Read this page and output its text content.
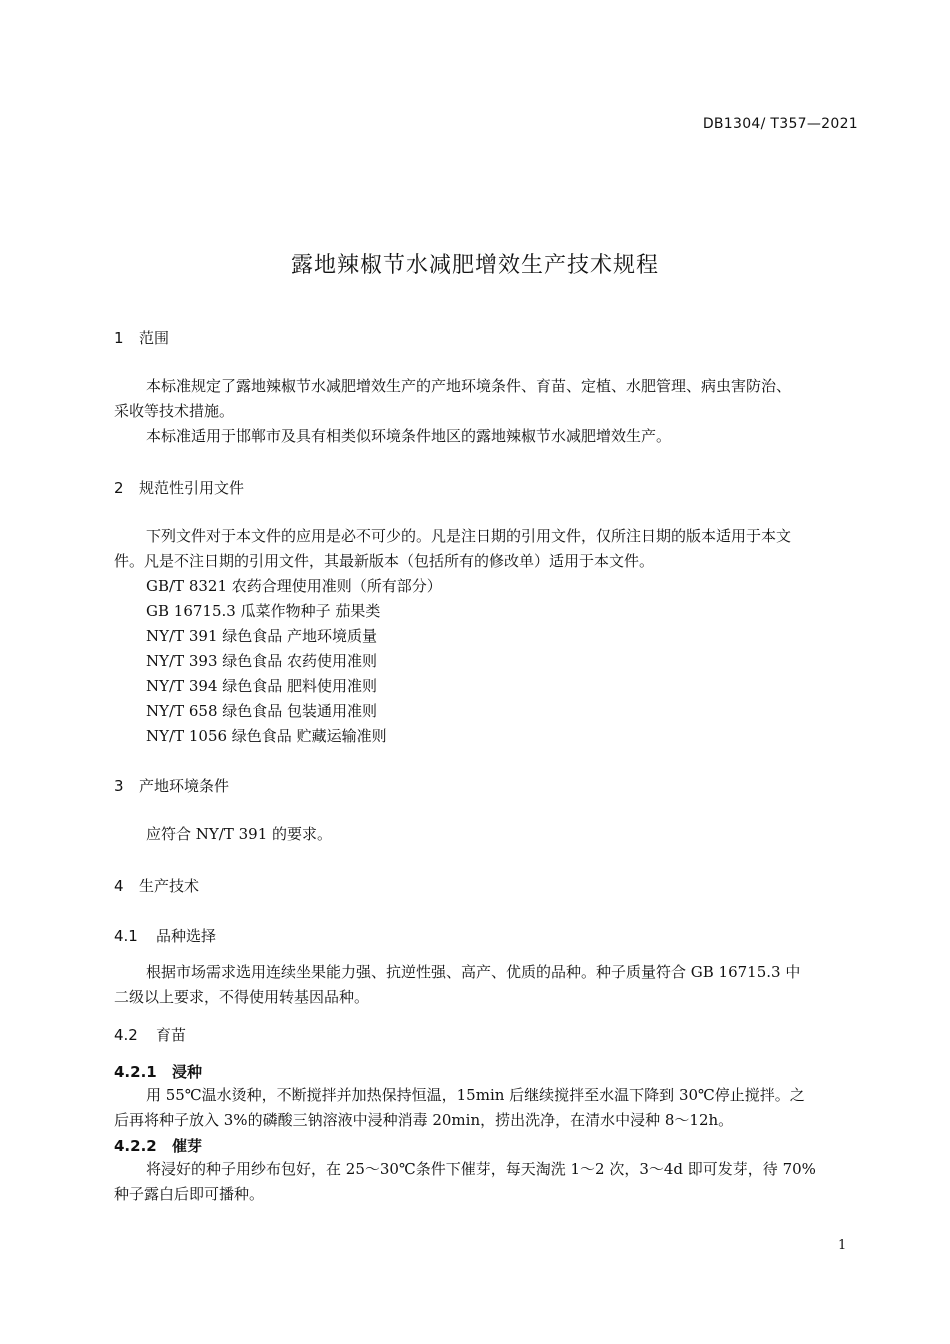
DB1304/ T357—2021
露地辣椒节水减肥增效生产技术规程
1 范围
本标准规定了露地辣椒节水减肥增效生产的产地环境条件、育苗、定植、水肥管理、病虫害防治、
采收等技术措施。
本标准适用于邯郸市及具有相类似环境条件地区的露地辣椒节水减肥增效生产。
2 规范性引用文件
下列文件对于本文件的应用是必不可少的。凡是注日期的引用文件，仅所注日期的版本适用于本文
件。凡是不注日期的引用文件，其最新版本（包括所有的修改单）适用于本文件。
GB/T 8321 农药合理使用准则（所有部分）
GB 16715.3 瓜菜作物种子 茄果类
NY/T 391 绿色食品 产地环境质量
NY/T 393 绿色食品 农药使用准则
NY/T 394 绿色食品 肥料使用准则
NY/T 658 绿色食品 包装通用准则
NY/T 1056 绿色食品 贮藏运输准则
3 产地环境条件
应符合 NY/T 391 的要求。
4 生产技术
4.1 品种选择
根据市场需求选用连续坐果能力强、抗逆性强、高产、优质的品种。种子质量符合 GB 16715.3 中
二级以上要求，不得使用转基因品种。
4.2 育苗
4.2.1 浸种
用 55℃温水烫种，不断搅拌并加热保持恒温，15min 后继续搅拌至水温下降到 30℃停止搅拌。之
后再将种子放入 3%的磷酸三钠溶液中浸种消毒 20min，捞出洗净，在清水中浸种 8～12h。
4.2.2 催芽
将浸好的种子用纱布包好，在 25～30℃条件下催芽，每天淘洗 1～2 次，3～4d 即可发芽，待 70%
种子露白后即可播种。
1
